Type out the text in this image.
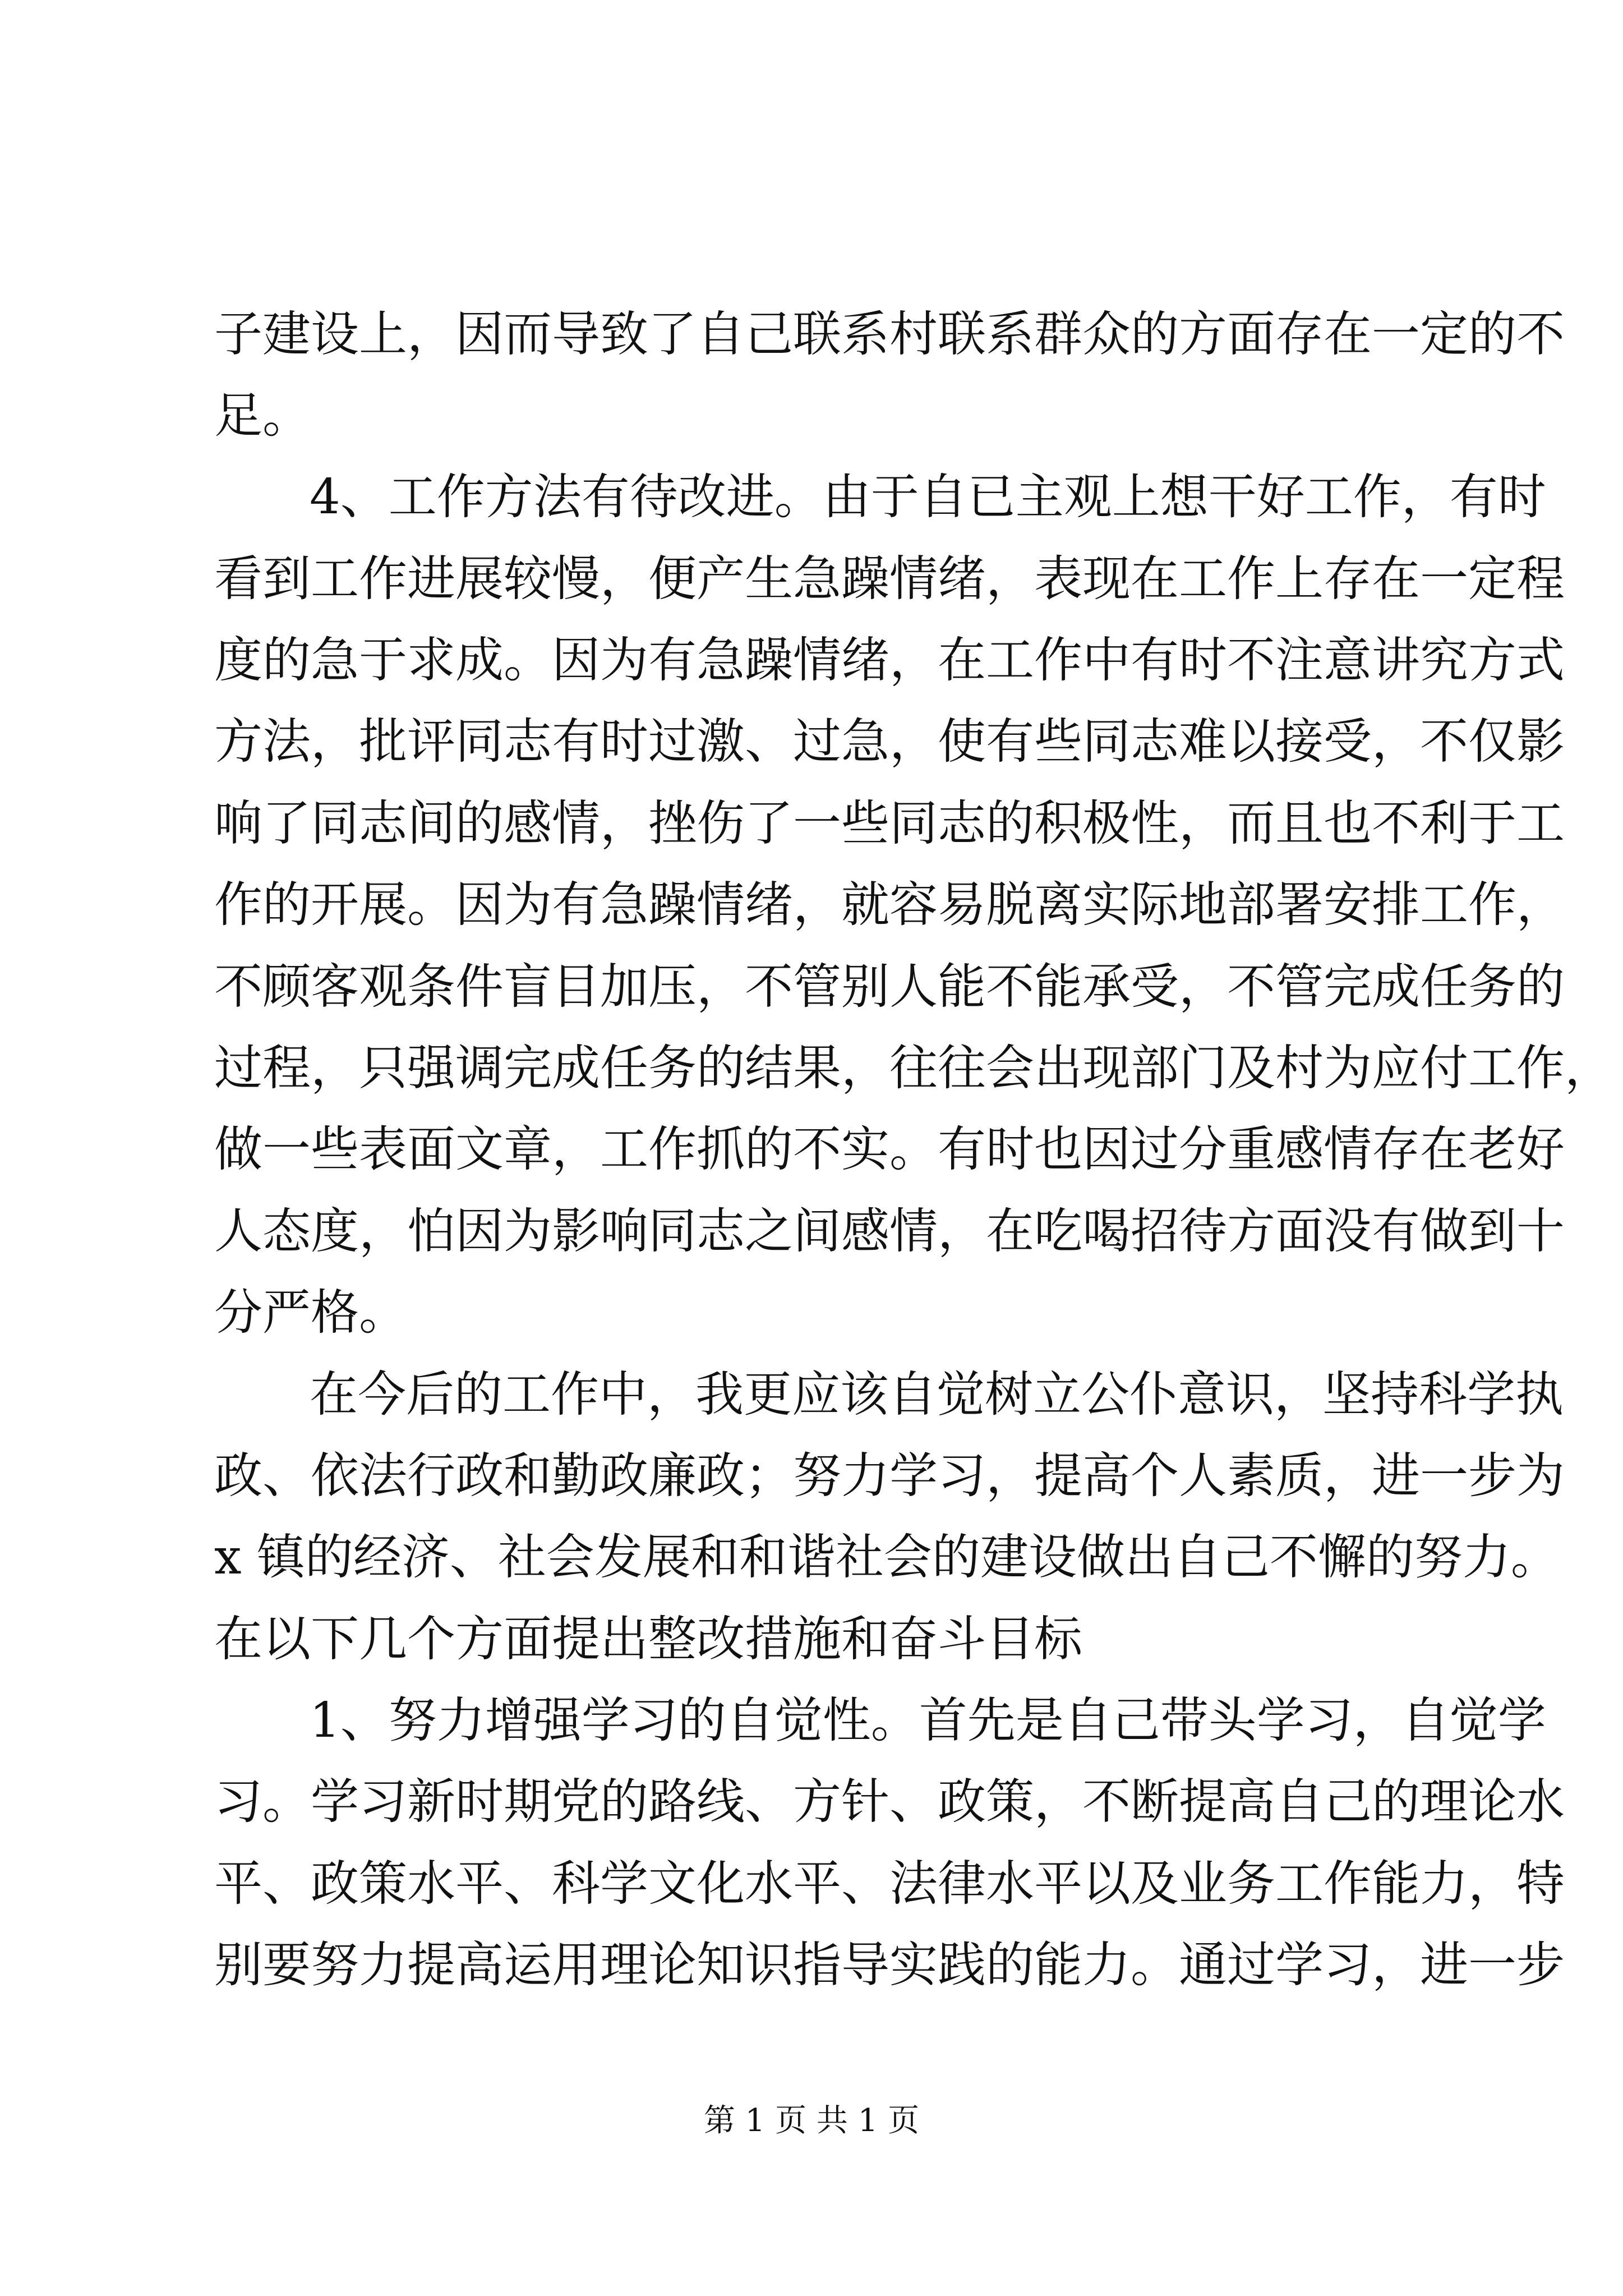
子建设上，因而导致了自己联系村联系群众的方面存在一定的不
足。
4、工作方法有待改进。由于自已主观上想干好工作，有时
看到工作进展较慢，便产生急躁情绪，表现在工作上存在一定程
度的急于求成。因为有急躁情绪，在工作中有时不注意讲究方式
方法，批评同志有时过激、过急，使有些同志难以接受，不仅影
响了同志间的感情，挫伤了一些同志的积极性，而且也不利于工
作的开展。因为有急躁情绪，就容易脱离实际地部署安排工作，
不顾客观条件盲目加压，不管别人能不能承受，不管完成任务的
过程，只强调完成任务的结果，往往会出现部门及村为应付工作，
做一些表面文章，工作抓的不实。有时也因过分重感情存在老好
人态度，怕因为影响同志之间感情，在吃喝招待方面没有做到十
分严格。
在今后的工作中，我更应该自觉树立公仆意识，坚持科学执
政、依法行政和勤政廉政；努力学习，提高个人素质，进一步为
x 镇的经济、社会发展和和谐社会的建设做出自己不懈的努力。
在以下几个方面提出整改措施和奋斗目标
1、努力增强学习的自觉性。首先是自己带头学习，自觉学
习。学习新时期党的路线、方针、政策，不断提高自己的理论水
平、政策水平、科学文化水平、法律水平以及业务工作能力，特
别要努力提高运用理论知识指导实践的能力。通过学习，进一步
第 1 页 共 1 页
